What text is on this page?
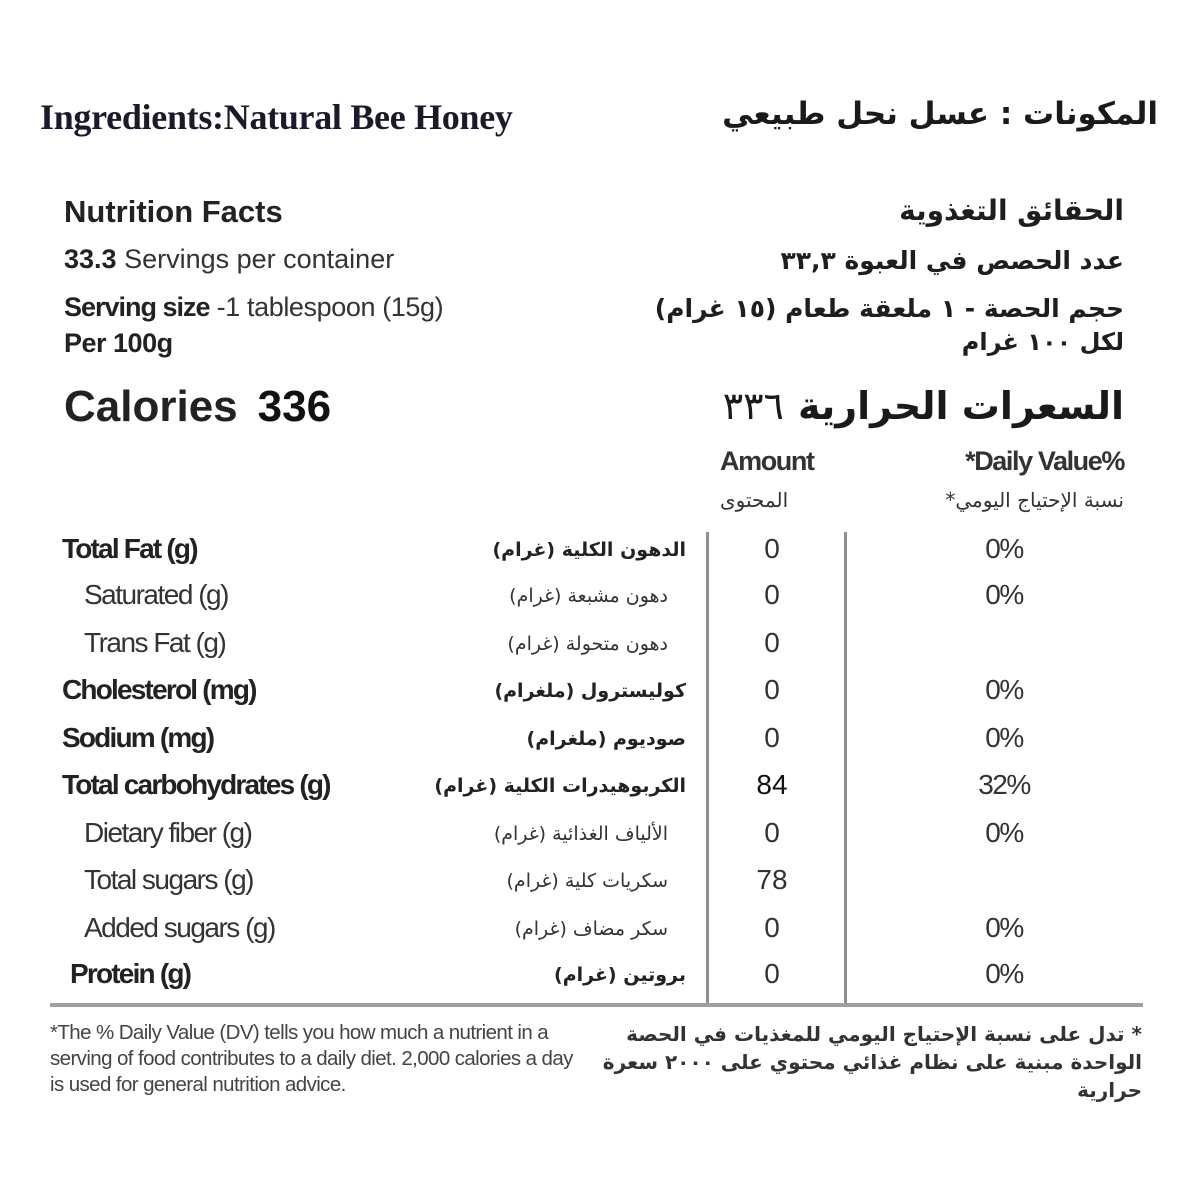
Ingredients:Natural Bee Honey	المكونات : عسل نحل طبيعي
Nutrition Facts	الحقائق التغذوية
33.3 Servings per container	عدد الحصص في العبوة ٣٣,٣
Serving size -1 tablespoon (15g)	حجم الحصة - ١ ملعقة طعام (١٥ غرام)
Per 100g	لكل ١٠٠ غرام
Calories 336	السعرات الحرارية٣٣٦
Amount	*Daily Value%
المحتوى	نسبة الإحتياج اليومي*
Total Fat (g)	الدهون الكلية (غرام)	0	0%
Saturated (g)	دهون مشبعة (غرام)	0	0%
Trans Fat (g)	دهون متحولة (غرام)	0
Cholesterol (mg)	كوليسترول (ملغرام)	0	0%
Sodium (mg)	صوديوم (ملغرام)	0	0%
Total carbohydrates (g)	الكربوهيدرات الكلية (غرام)	84	32%
Dietary fiber (g)	الألياف الغذائية (غرام)	0	0%
Total sugars (g)	سكريات كلية (غرام)	78
Added sugars (g)	سكر مضاف (غرام)	0	0%
Protein (g)	بروتين (غرام)	0	0%
*The % Daily Value (DV) tells you how much a nutrient in a serving of food contributes to a daily diet. 2,000 calories a day is used for general nutrition advice.
* تدل على نسبة الإحتياج اليومي للمغذيات في الحصة الواحدة مبنية على نظام غذائي محتوي على ٢٠٠٠ سعرة حرارية
